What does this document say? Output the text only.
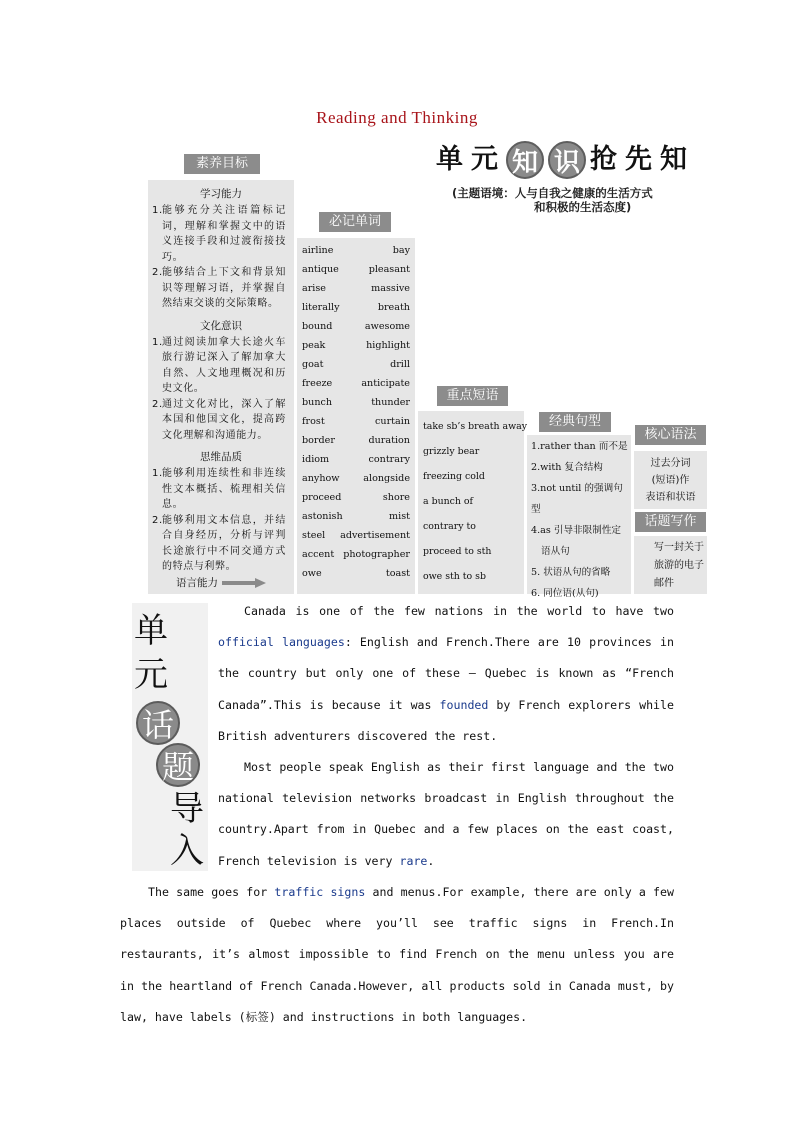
Reading and Thinking
单 元 知 识 抢 先 知
(主题语境：人与自我之健康的生活方式
和积极的生活态度)
素养目标
学习能力
1. 能够充分关注语篇标记词，理解和掌握文中的语义连接手段和过渡衔接技巧。
2. 能够结合上下文和背景知识等理解习语，并掌握自然结束交谈的交际策略。
文化意识
1. 通过阅读加拿大长途火车旅行游记深入了解加拿大自然、人文地理概况和历史文化。
2. 通过文化对比，深入了解本国和他国文化，提高跨文化理解和沟通能力。
思维品质
1. 能够利用连续性和非连续性文本概括、梳理相关信息。
2. 能够利用文本信息，并结合自身经历，分析与评判长途旅行中不同交通方式的特点与利弊。
语言能力
必记单词
airline	bay
antique	pleasant
arise	massive
literally	breath
bound	awesome
peak	highlight
goat	drill
freeze	anticipate
bunch	thunder
frost	curtain
border	duration
idiom	contrary
anyhow alongside
proceed	shore
astonish	mist
steel advertisement
accent photographer
owe	toast
重点短语
take sb’s breath away
grizzly bear
freezing cold
a bunch of
contrary to
proceed to sth
owe sth to sb
经典句型
1.rather than 而不是
2.with 复合结构
3.not until 的强调句型
4.as 引导非限制性定
语从句
5. 状语从句的省略
6. 同位语(从句)
核心语法
过去分词
(短语)作
表语和状语
话题写作
写一封关于
旅游的电子
邮件
单
元
话
题
导
入
Canada is one of the few nations in the world to have two official languages: English and French.There are 10 provinces in the country but only one of these — Quebec is known as “French Canada”.This is because it was founded by French explorers while British adventurers discovered the rest.
Most people speak English as their first language and the two national television networks broadcast in English throughout the country.Apart from in Quebec and a few places on the east coast, French television is very rare.
The same goes for traffic signs and menus.For example, there are only a few places outside of Quebec where you’ll see traffic signs in French.In restaurants, it’s almost impossible to find French on the menu unless you are in the heartland of French Canada.However, all products sold in Canada must, by law, have labels (标签) and instructions in both languages.
